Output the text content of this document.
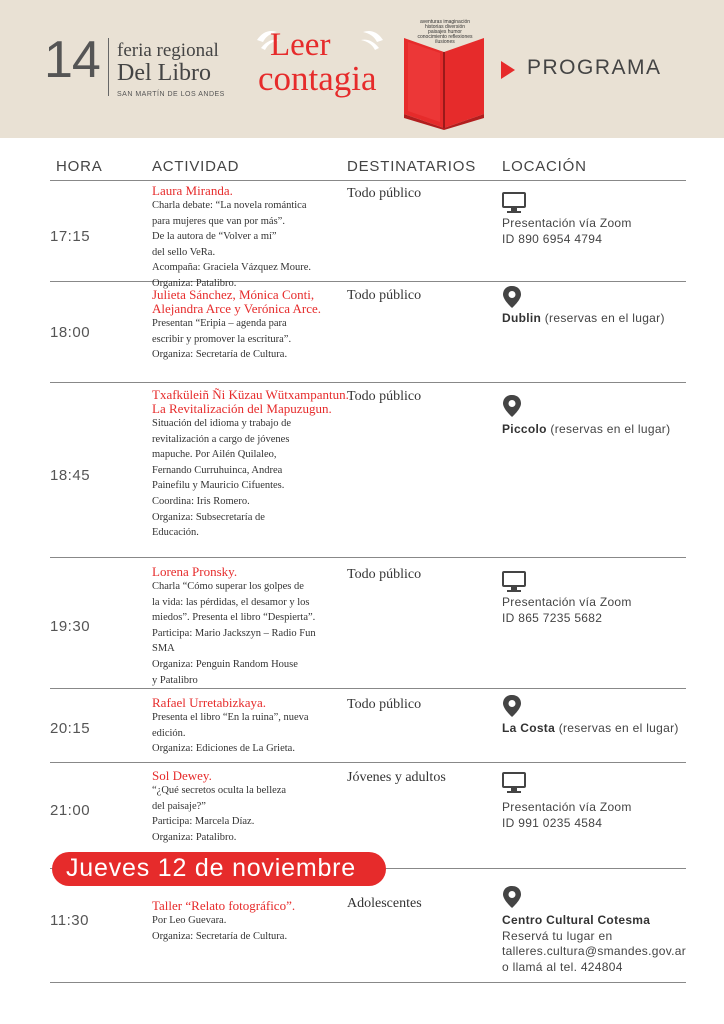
14 feria regional
Del Libro
SAN MARTÍN DE LOS ANDES
Leer
contagia
aventuras imaginación
historias diversión
paisajes humor
conocimiento reflexiones
ilusiones
PROGRAMA
HORA	ACTIVIDAD	DESTINATARIOS LOCACIÓN
17:15
Laura Miranda.
Charla debate: “La novela romántica
para mujeres que van por más”.
De la autora de “Volver a mí”
del sello VeRa.
Acompaña: Graciela Vázquez Moure.
Organiza: Patalibro.
Todo público
Presentación vía Zoom
ID 890 6954 4794
18:00
Julieta Sánchez, Mónica Conti, Alejandra Arce y Verónica Arce.
Presentan “Eripia – agenda para
escribir y promover la escritura”.
Organiza: Secretaría de Cultura.
Todo público
Dublin (reservas en el lugar)
18:45
Txafküleiñ Ñi Küzau Wütxampantun. La Revitalización del Mapuzugun.
Situación del idioma y trabajo de
revitalización a cargo de jóvenes
mapuche. Por Ailén Quilaleo,
Fernando Curruhuinca, Andrea
Painefilu y Mauricio Cifuentes.
Coordina: Iris Romero.
Organiza: Subsecretaría de
Educación.
Todo público
Piccolo (reservas en el lugar)
19:30
Lorena Pronsky.
Charla “Cómo superar los golpes de
la vida: las pérdidas, el desamor y los
miedos”. Presenta el libro “Despierta”.
Participa: Mario Jackszyn – Radio Fun
SMA
Organiza: Penguin Random House
y Patalibro
Todo público
Presentación vía Zoom
ID 865 7235 5682
20:15
Rafael Urretabizkaya.
Presenta el libro “En la ruina”, nueva
edición.
Organiza: Ediciones de La Grieta.
Todo público
La Costa (reservas en el lugar)
21:00
Sol Dewey.
“¿Qué secretos oculta la belleza
del paisaje?”
Participa: Marcela Díaz.
Organiza: Patalibro.
Jóvenes y adultos
Presentación vía Zoom
ID 991 0235 4584
Jueves 12 de noviembre
11:30
Taller “Relato fotográfico”.
Por Leo Guevara.
Organiza: Secretaría de Cultura.
Adolescentes
Centro Cultural Cotesma
Reservá tu lugar en
talleres.cultura@smandes.gov.ar
o llamá al tel. 424804
